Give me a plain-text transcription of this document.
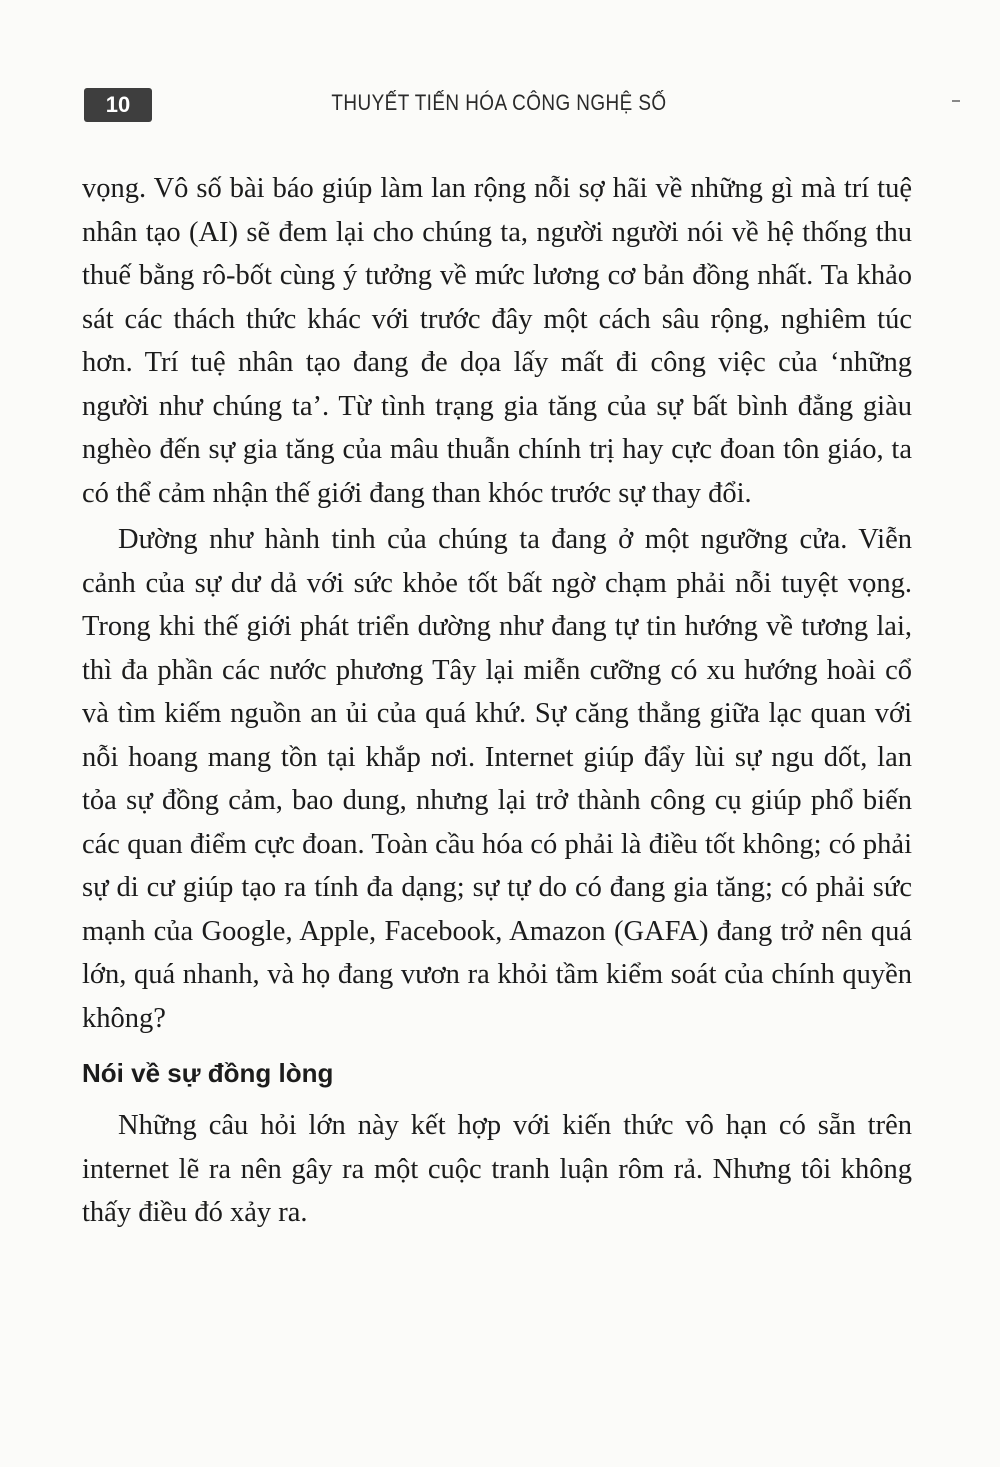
10	THUYẾT TIẾN HÓA CÔNG NGHỆ SỐ

vọng. Vô số bài báo giúp làm lan rộng nỗi sợ hãi về những gì mà trí tuệ nhân tạo (AI) sẽ đem lại cho chúng ta, người người nói về hệ thống thu thuế bằng rô-bốt cùng ý tưởng về mức lương cơ bản đồng nhất. Ta khảo sát các thách thức khác với trước đây một cách sâu rộng, nghiêm túc hơn. Trí tuệ nhân tạo đang đe dọa lấy mất đi công việc của ‘những người như chúng ta’. Từ tình trạng gia tăng của sự bất bình đẳng giàu nghèo đến sự gia tăng của mâu thuẫn chính trị hay cực đoan tôn giáo, ta có thể cảm nhận thế giới đang than khóc trước sự thay đổi.

Dường như hành tinh của chúng ta đang ở một ngưỡng cửa. Viễn cảnh của sự dư dả với sức khỏe tốt bất ngờ chạm phải nỗi tuyệt vọng. Trong khi thế giới phát triển dường như đang tự tin hướng về tương lai, thì đa phần các nước phương Tây lại miễn cưỡng có xu hướng hoài cổ và tìm kiếm nguồn an ủi của quá khứ. Sự căng thẳng giữa lạc quan với nỗi hoang mang tồn tại khắp nơi. Internet giúp đẩy lùi sự ngu dốt, lan tỏa sự đồng cảm, bao dung, nhưng lại trở thành công cụ giúp phổ biến các quan điểm cực đoan. Toàn cầu hóa có phải là điều tốt không; có phải sự di cư giúp tạo ra tính đa dạng; sự tự do có đang gia tăng; có phải sức mạnh của Google, Apple, Facebook, Amazon (GAFA) đang trở nên quá lớn, quá nhanh, và họ đang vươn ra khỏi tầm kiểm soát của chính quyền không?

Nói về sự đồng lòng

Những câu hỏi lớn này kết hợp với kiến thức vô hạn có sẵn trên internet lẽ ra nên gây ra một cuộc tranh luận rôm rả. Nhưng tôi không thấy điều đó xảy ra.
